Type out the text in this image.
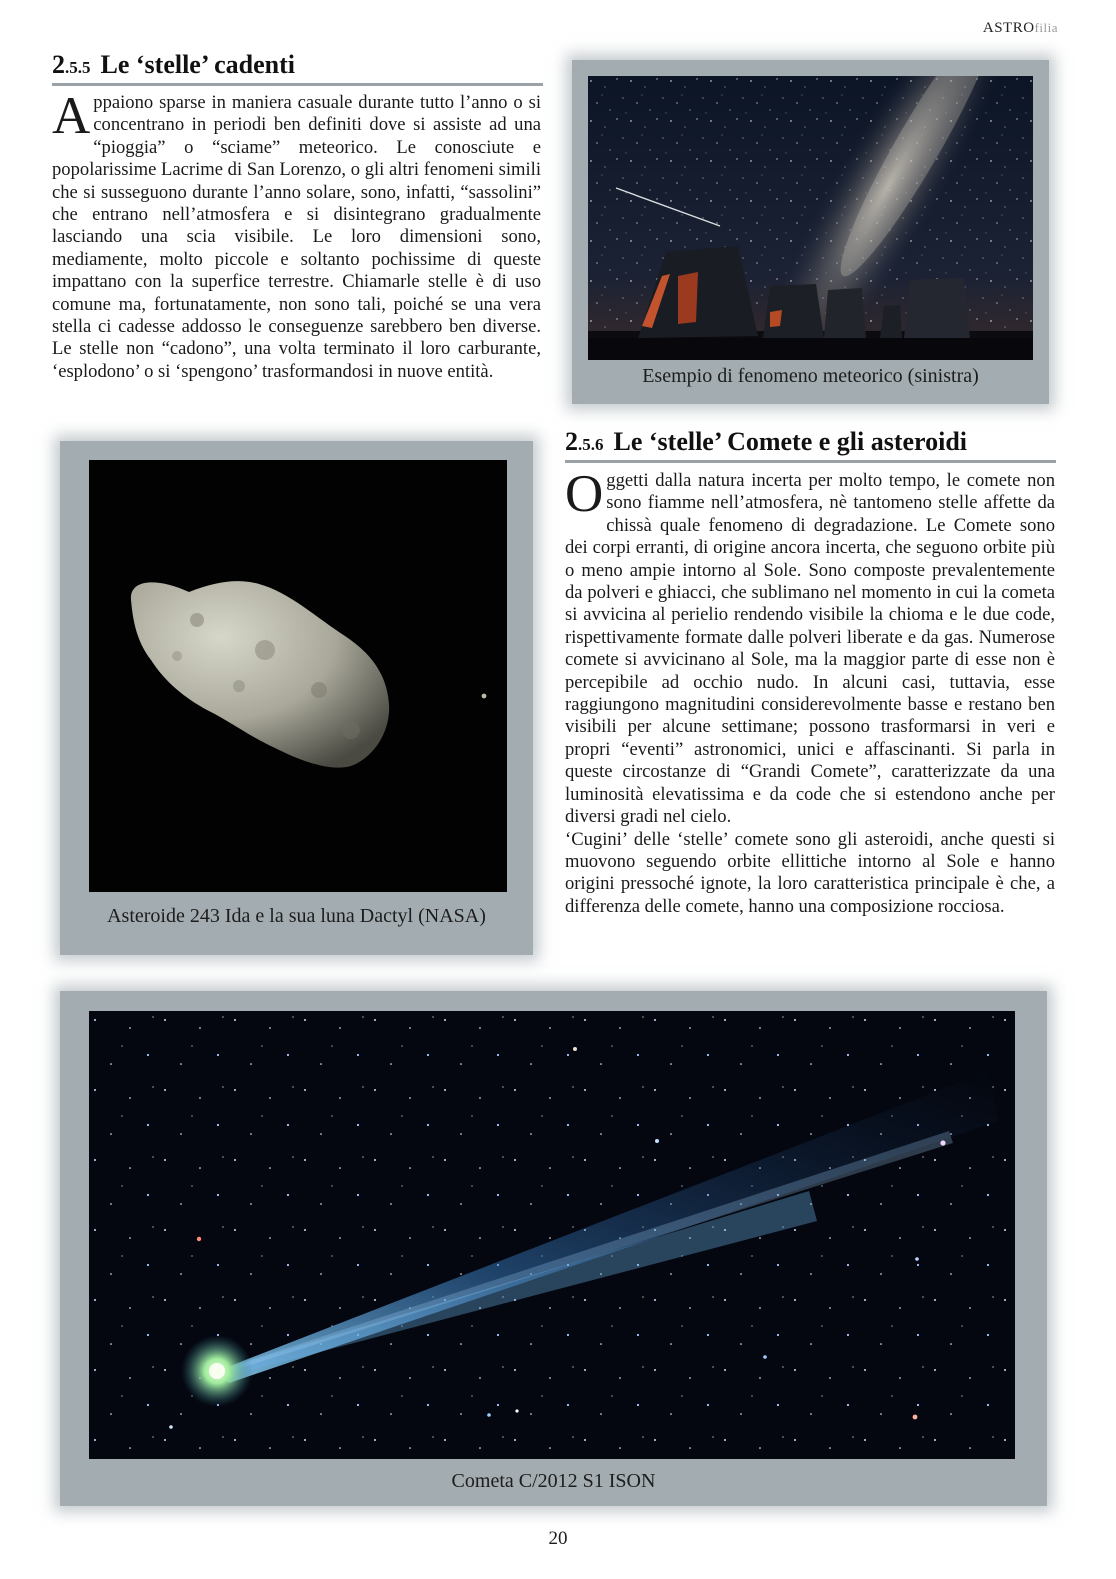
ASTROfilia
2.5.5 Le ‘stelle’ cadenti

Appaiono sparse in maniera casuale durante tutto l’anno o si concentrano in periodi ben definiti dove si assiste ad una “pioggia” o “sciame” meteorico. Le conosciute e popolarissime Lacrime di San Lorenzo, o gli altri fenomeni simili che si susseguono durante l’anno solare, sono, infatti, “sassolini” che entrano nell’atmosfera e si disintegrano gradualmente lasciando una scia visibile. Le loro dimensioni sono, mediamente, molto piccole e soltanto pochissime di queste impattano con la superfice terrestre. Chiamarle stelle è di uso comune ma, fortunatamente, non sono tali, poiché se una vera stella ci cadesse addosso le conseguenze sarebbero ben diverse. Le stelle non “cadono”, una volta terminato il loro carburante, ‘esplodono’ o si ‘spengono’ trasformandosi in nuove entità.	Esempio di fenomeno meteorico (sinistra)
Asteroide 243 Ida e la sua luna Dactyl (NASA)
2.5.6 Le ‘stelle’ Comete e gli asteroidi

Oggetti dalla natura incerta per molto tempo, le comete non sono fiamme nell’atmosfera, nè tantomeno stelle affette da chissà quale fenomeno di degradazione. Le Comete sono dei corpi erranti, di origine ancora incerta, che seguono orbite più o meno ampie intorno al Sole. Sono composte prevalentemente da polveri e ghiacci, che sublimano nel momento in cui la cometa si avvicina al perielio rendendo visibile la chioma e le due code, rispettivamente formate dalle polveri liberate e da gas. Numerose comete si avvicinano al Sole, ma la maggior parte di esse non è percepibile ad occhio nudo. In alcuni casi, tuttavia, esse raggiungono magnitudini considerevolmente basse e restano ben visibili per alcune settimane; possono trasformarsi in veri e propri “eventi” astronomici, unici e affascinanti. Si parla in queste circostanze di “Grandi Comete”, caratterizzate da una luminosità elevatissima e da code che si estendono anche per diversi gradi nel cielo.

‘Cugini’ delle ‘stelle’ comete sono gli asteroidi, anche questi si muovono seguendo orbite ellittiche intorno al Sole e hanno origini pressoché ignote, la loro caratteristica principale è che, a differenza delle comete, hanno una composizione rocciosa.

Cometa C/2012 S1 ISON
20
